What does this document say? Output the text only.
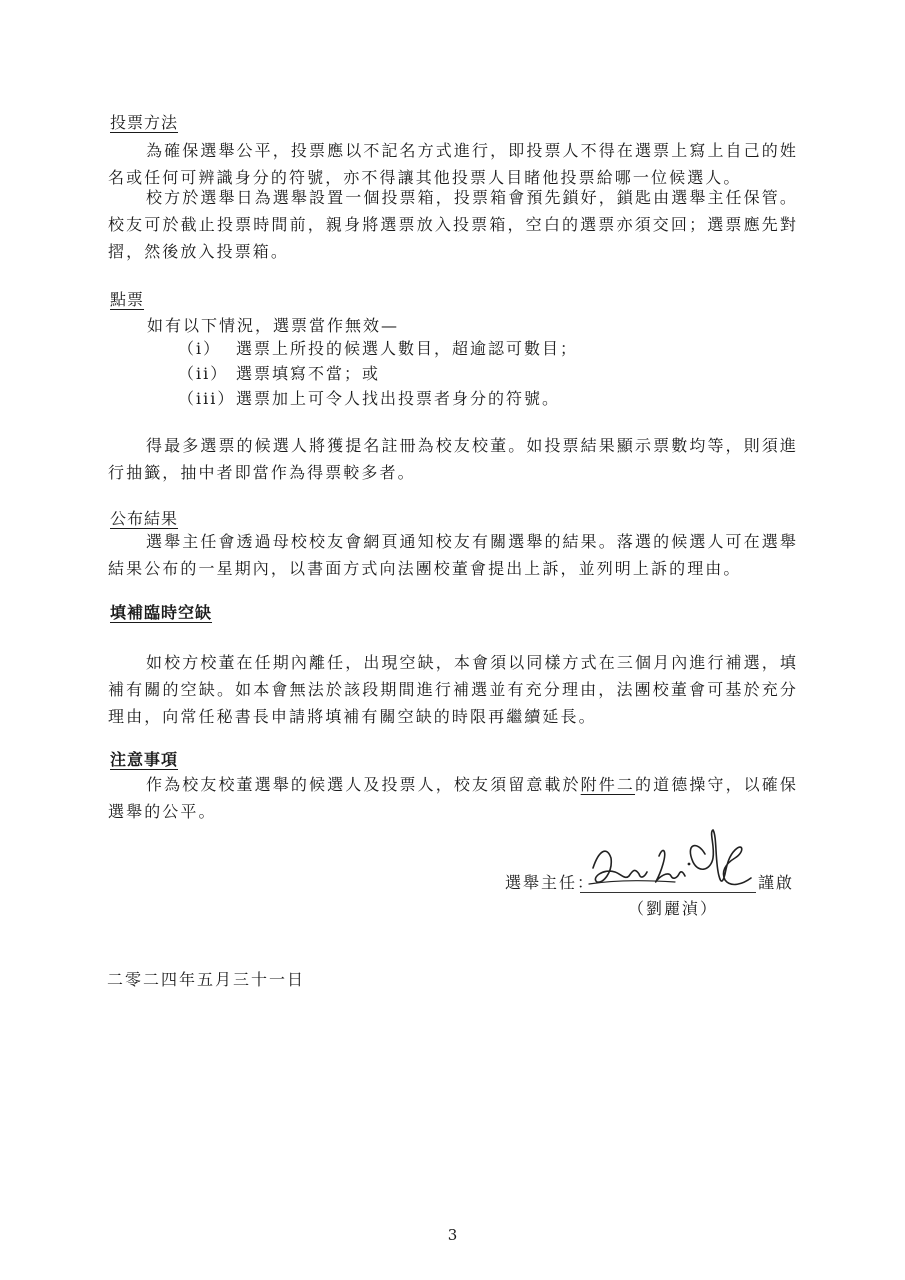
投票方法
為確保選舉公平，投票應以不記名方式進行，即投票人不得在選票上寫上自己的姓名或任何可辨識身分的符號，亦不得讓其他投票人目睹他投票給哪一位候選人。
校方於選舉日為選舉設置一個投票箱，投票箱會預先鎖好，鎖匙由選舉主任保管。校友可於截止投票時間前，親身將選票放入投票箱，空白的選票亦須交回；選票應先對摺，然後放入投票箱。
點票
如有以下情況，選票當作無效—
（i） 選票上所投的候選人數目，超逾認可數目；
（ii） 選票填寫不當；或
（iii）選票加上可令人找出投票者身分的符號。
得最多選票的候選人將獲提名註冊為校友校董。如投票結果顯示票數均等，則須進行抽籤，抽中者即當作為得票較多者。
公布結果
選舉主任會透過母校校友會網頁通知校友有關選舉的結果。落選的候選人可在選舉結果公布的一星期內，以書面方式向法團校董會提出上訴，並列明上訴的理由。
填補臨時空缺
如校方校董在任期內離任，出現空缺，本會須以同樣方式在三個月內進行補選，填補有關的空缺。如本會無法於該段期間進行補選並有充分理由，法團校董會可基於充分理由，向常任秘書長申請將填補有關空缺的時限再繼續延長。
注意事項
作為校友校董選舉的候選人及投票人，校友須留意載於附件二的道德操守，以確保選舉的公平。
選舉主任：	謹啟
（劉麗湞）
二零二四年五月三十一日
3
